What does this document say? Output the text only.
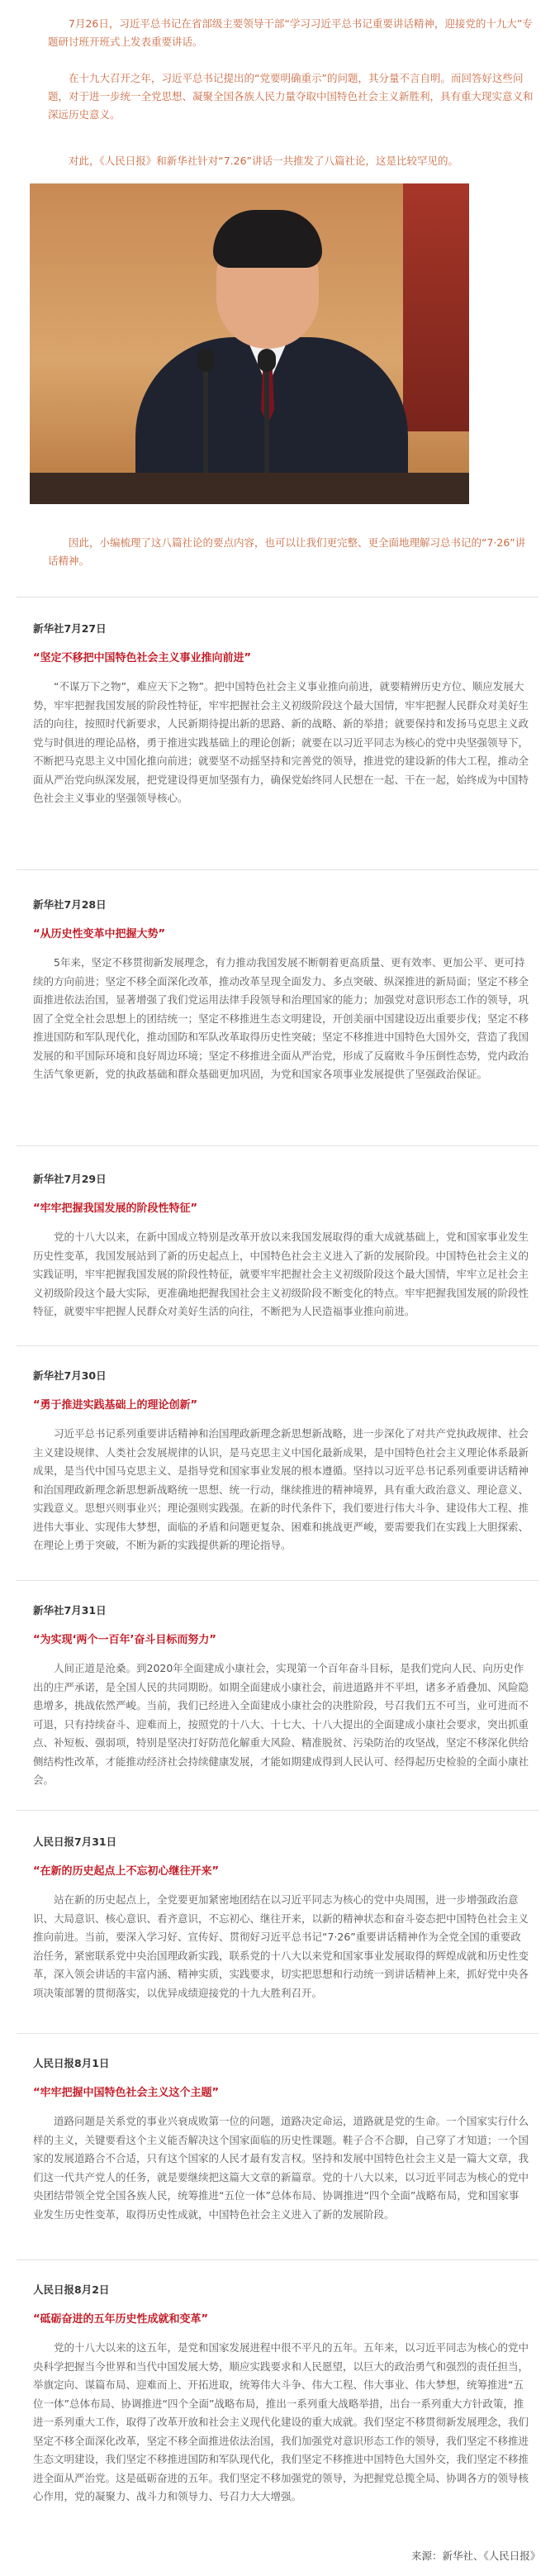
7月26日，习近平总书记在省部级主要领导干部“学习习近平总书记重要讲话精神，迎接党的十九大”专题研讨班开班式上发表重要讲话。

在十九大召开之年，习近平总书记提出的“党要明确重示”的问题，其分量不言自明。而回答好这些问题，对于进一步统一全党思想、凝聚全国各族人民力量夺取中国特色社会主义新胜利，具有重大现实意义和深远历史意义。

对此，《人民日报》和新华社针对“7.26”讲话一共推发了八篇社论，这是比较罕见的。

因此，小编梳理了这八篇社论的要点内容，也可以让我们更完整、更全面地理解习总书记的“7·26”讲话精神。

新华社7月27日
“坚定不移把中国特色社会主义事业推向前进”
“不谋万下之物”，难应天下之物”。把中国特色社会主义事业推向前进，就要精辨历史方位、顺应发展大势，牢牢把握我国发展的阶段性特征，牢牢把握社会主义初级阶段这个最大国情，牢牢把握人民群众对美好生活的向往，按照时代新要求，人民新期待提出新的思路、新的战略、新的举措；就要保持和发扬马克思主义政党与时俱进的理论品格，勇于推进实践基础上的理论创新；就要在以习近平同志为核心的党中央坚强领导下，不断把马克思主义中国化推向前进；就要坚不动摇坚持和完善党的领导，推进党的建设新的伟大工程，推动全面从严治党向纵深发展，把党建设得更加坚强有力，确保党始终同人民想在一起、干在一起，始终成为中国特色社会主义事业的坚强领导核心。
新华社7月28日
“从历史性变革中把握大势”
5年来，坚定不移贯彻新发展理念，有力推动我国发展不断朝着更高质量、更有效率、更加公平、更可持续的方向前进；坚定不移全面深化改革，推动改革呈现全面发力、多点突破、纵深推进的新局面；坚定不移全面推进依法治国，显著增强了我们党运用法律手段领导和治理国家的能力；加强党对意识形态工作的领导，巩固了全党全社会思想上的团结统一；坚定不移推进生态文明建设，开创美丽中国建设迈出重要步伐；坚定不移推进国防和军队现代化，推动国防和军队改革取得历史性突破；坚定不移推进中国特色大国外交，营造了我国发展的和平国际环境和良好周边环境；坚定不移推进全面从严治党，形成了反腐败斗争压倒性态势，党内政治生活气象更新，党的执政基础和群众基础更加巩固，为党和国家各项事业发展提供了坚强政治保证。
新华社7月29日
“牢牢把握我国发展的阶段性特征”
党的十八大以来，在新中国成立特别是改革开放以来我国发展取得的重大成就基础上，党和国家事业发生历史性变革，我国发展站到了新的历史起点上，中国特色社会主义进入了新的发展阶段。中国特色社会主义的实践证明，牢牢把握我国发展的阶段性特征，就要牢牢把握社会主义初级阶段这个最大国情，牢牢立足社会主义初级阶段这个最大实际，更准确地把握我国社会主义初级阶段不断变化的特点。牢牢把握我国发展的阶段性特征，就要牢牢把握人民群众对美好生活的向往，不断把为人民造福事业推向前进。
新华社7月30日
“勇于推进实践基础上的理论创新”
习近平总书记系列重要讲话精神和治国理政新理念新思想新战略，进一步深化了对共产党执政规律、社会主义建设规律、人类社会发展规律的认识，是马克思主义中国化最新成果，是中国特色社会主义理论体系最新成果，是当代中国马克思主义、是指导党和国家事业发展的根本遵循。坚持以习近平总书记系列重要讲话精神和治国理政新理念新思想新战略统一思想、统一行动，继续推进的精神境界，具有重大政治意义、理论意义、实践意义。思想兴则事业兴；理论强则实践强。在新的时代条件下，我们要进行伟大斗争、建设伟大工程、推进伟大事业、实现伟大梦想，面临的矛盾和问题更复杂、困难和挑战更严峻，要需要我们在实践上大胆探索、在理论上勇于突破，不断为新的实践提供新的理论指导。
新华社7月31日
“为实现‘两个一百年’奋斗目标而努力”
人间正道是沧桑。到2020年全面建成小康社会，实现第一个百年奋斗目标，是我们党向人民、向历史作出的庄严承诺，是全国人民的共同期盼。如期全面建成小康社会，前进道路并不平坦，诸多矛盾叠加、风险隐患增多，挑战依然严峻。当前，我们已经进入全面建成小康社会的决胜阶段，号召我们五不可当，业可进而不可退，只有持续奋斗、迎难而上，按照党的十八大、十七大、十八大提出的全面建成小康社会要求，突出抓重点、补短板、强弱项，特别是坚决打好防范化解重大风险、精准脱贫、污染防治的攻坚战，坚定不移深化供给侧结构性改革，才能推动经济社会持续健康发展，才能如期建成得到人民认可、经得起历史检验的全面小康社会。
人民日报7月31日
“在新的历史起点上不忘初心继往开来”
站在新的历史起点上，全党要更加紧密地团结在以习近平同志为核心的党中央周围，进一步增强政治意识、大局意识、核心意识、看齐意识，不忘初心、继往开来，以新的精神状态和奋斗姿态把中国特色社会主义推向前进。当前，要深入学习好、宣传好、贯彻好习近平总书记“7·26”重要讲话精神作为全党全国的重要政治任务，紧密联系党中央治国理政新实践，联系党的十八大以来党和国家事业发展取得的辉煌成就和历史性变革，深入领会讲话的丰富内涵、精神实质，实践要求，切实把思想和行动统一到讲话精神上来，抓好党中央各项决策部署的贯彻落实，以优异成绩迎接党的十九大胜利召开。
人民日报8月1日
“牢牢把握中国特色社会主义这个主题”
道路问题是关系党的事业兴衰成败第一位的问题，道路决定命运，道路就是党的生命。一个国家实行什么样的主义，关键要看这个主义能否解决这个国家面临的历史性课题。鞋子合不合脚，自己穿了才知道；一个国家的发展道路合不合适，只有这个国家的人民才最有发言权。坚持和发展中国特色社会主义是一篇大文章，我们这一代共产党人的任务，就是要继续把这篇大文章的新篇章。党的十八大以来，以习近平同志为核心的党中央团结带领全党全国各族人民，统筹推进“五位一体”总体布局、协调推进“四个全面”战略布局，党和国家事业发生历史性变革，取得历史性成就，中国特色社会主义进入了新的发展阶段。
人民日报8月2日
“砥砺奋进的五年历史性成就和变革”
党的十八大以来的这五年，是党和国家发展进程中很不平凡的五年。五年来，以习近平同志为核心的党中央科学把握当今世界和当代中国发展大势，顺应实践要求和人民愿望，以巨大的政治勇气和强烈的责任担当，举旗定向、谋篇布局、迎难而上、开拓进取，统筹伟大斗争、伟大工程、伟大事业、伟大梦想，统筹推进“五位一体”总体布局、协调推进“四个全面”战略布局，推出一系列重大战略举措，出台一系列重大方针政策，推进一系列重大工作，取得了改革开放和社会主义现代化建设的重大成就。我们坚定不移贯彻新发展理念，我们坚定不移全面深化改革，坚定不移全面推进依法治国，我们加强党对意识形态工作的领导，我们坚定不移推进生态文明建设，我们坚定不移推进国防和军队现代化，我们坚定不移推进中国特色大国外交，我们坚定不移推进全面从严治党。这是砥砺奋进的五年。我们坚定不移加强党的领导，为把握党总揽全局、协调各方的领导核心作用，党的凝聚力、战斗力和领导力、号召力大大增强。
来源：新华社、《人民日报》
